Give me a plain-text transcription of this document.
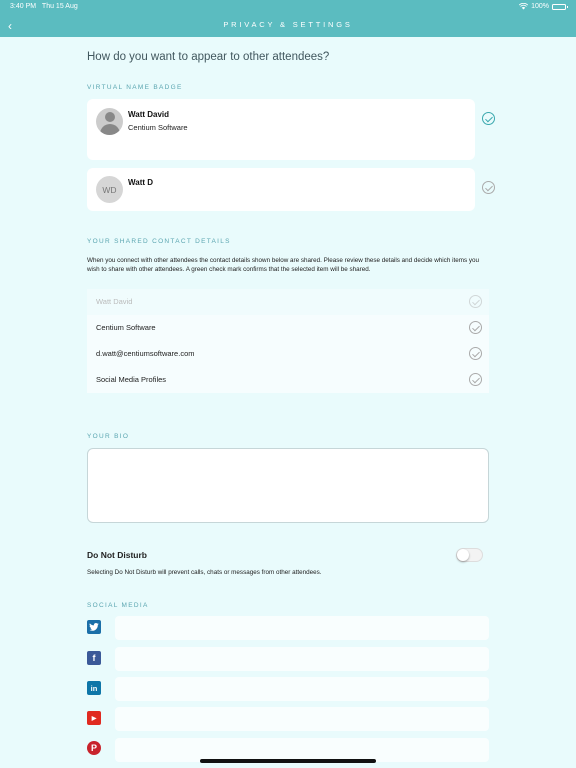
3:40 PM Thu 15 Aug	100%
‹	PRIVACY & SETTINGS
How do you want to appear to other attendees?
VIRTUAL NAME BADGE
Watt David
Centium Software
WD
Watt D
YOUR SHARED CONTACT DETAILS
When you connect with other attendees the contact details shown below are shared. Please review these details and decide which items you wish to share with other attendees. A green check mark confirms that the selected item will be shared.
Watt David
Centium Software
d.watt@centiumsoftware.com
Social Media Profiles
YOUR BIO
Do Not Disturb
Selecting Do Not Disturb will prevent calls, chats or messages from other attendees.
SOCIAL MEDIA
f
in
▶
P
